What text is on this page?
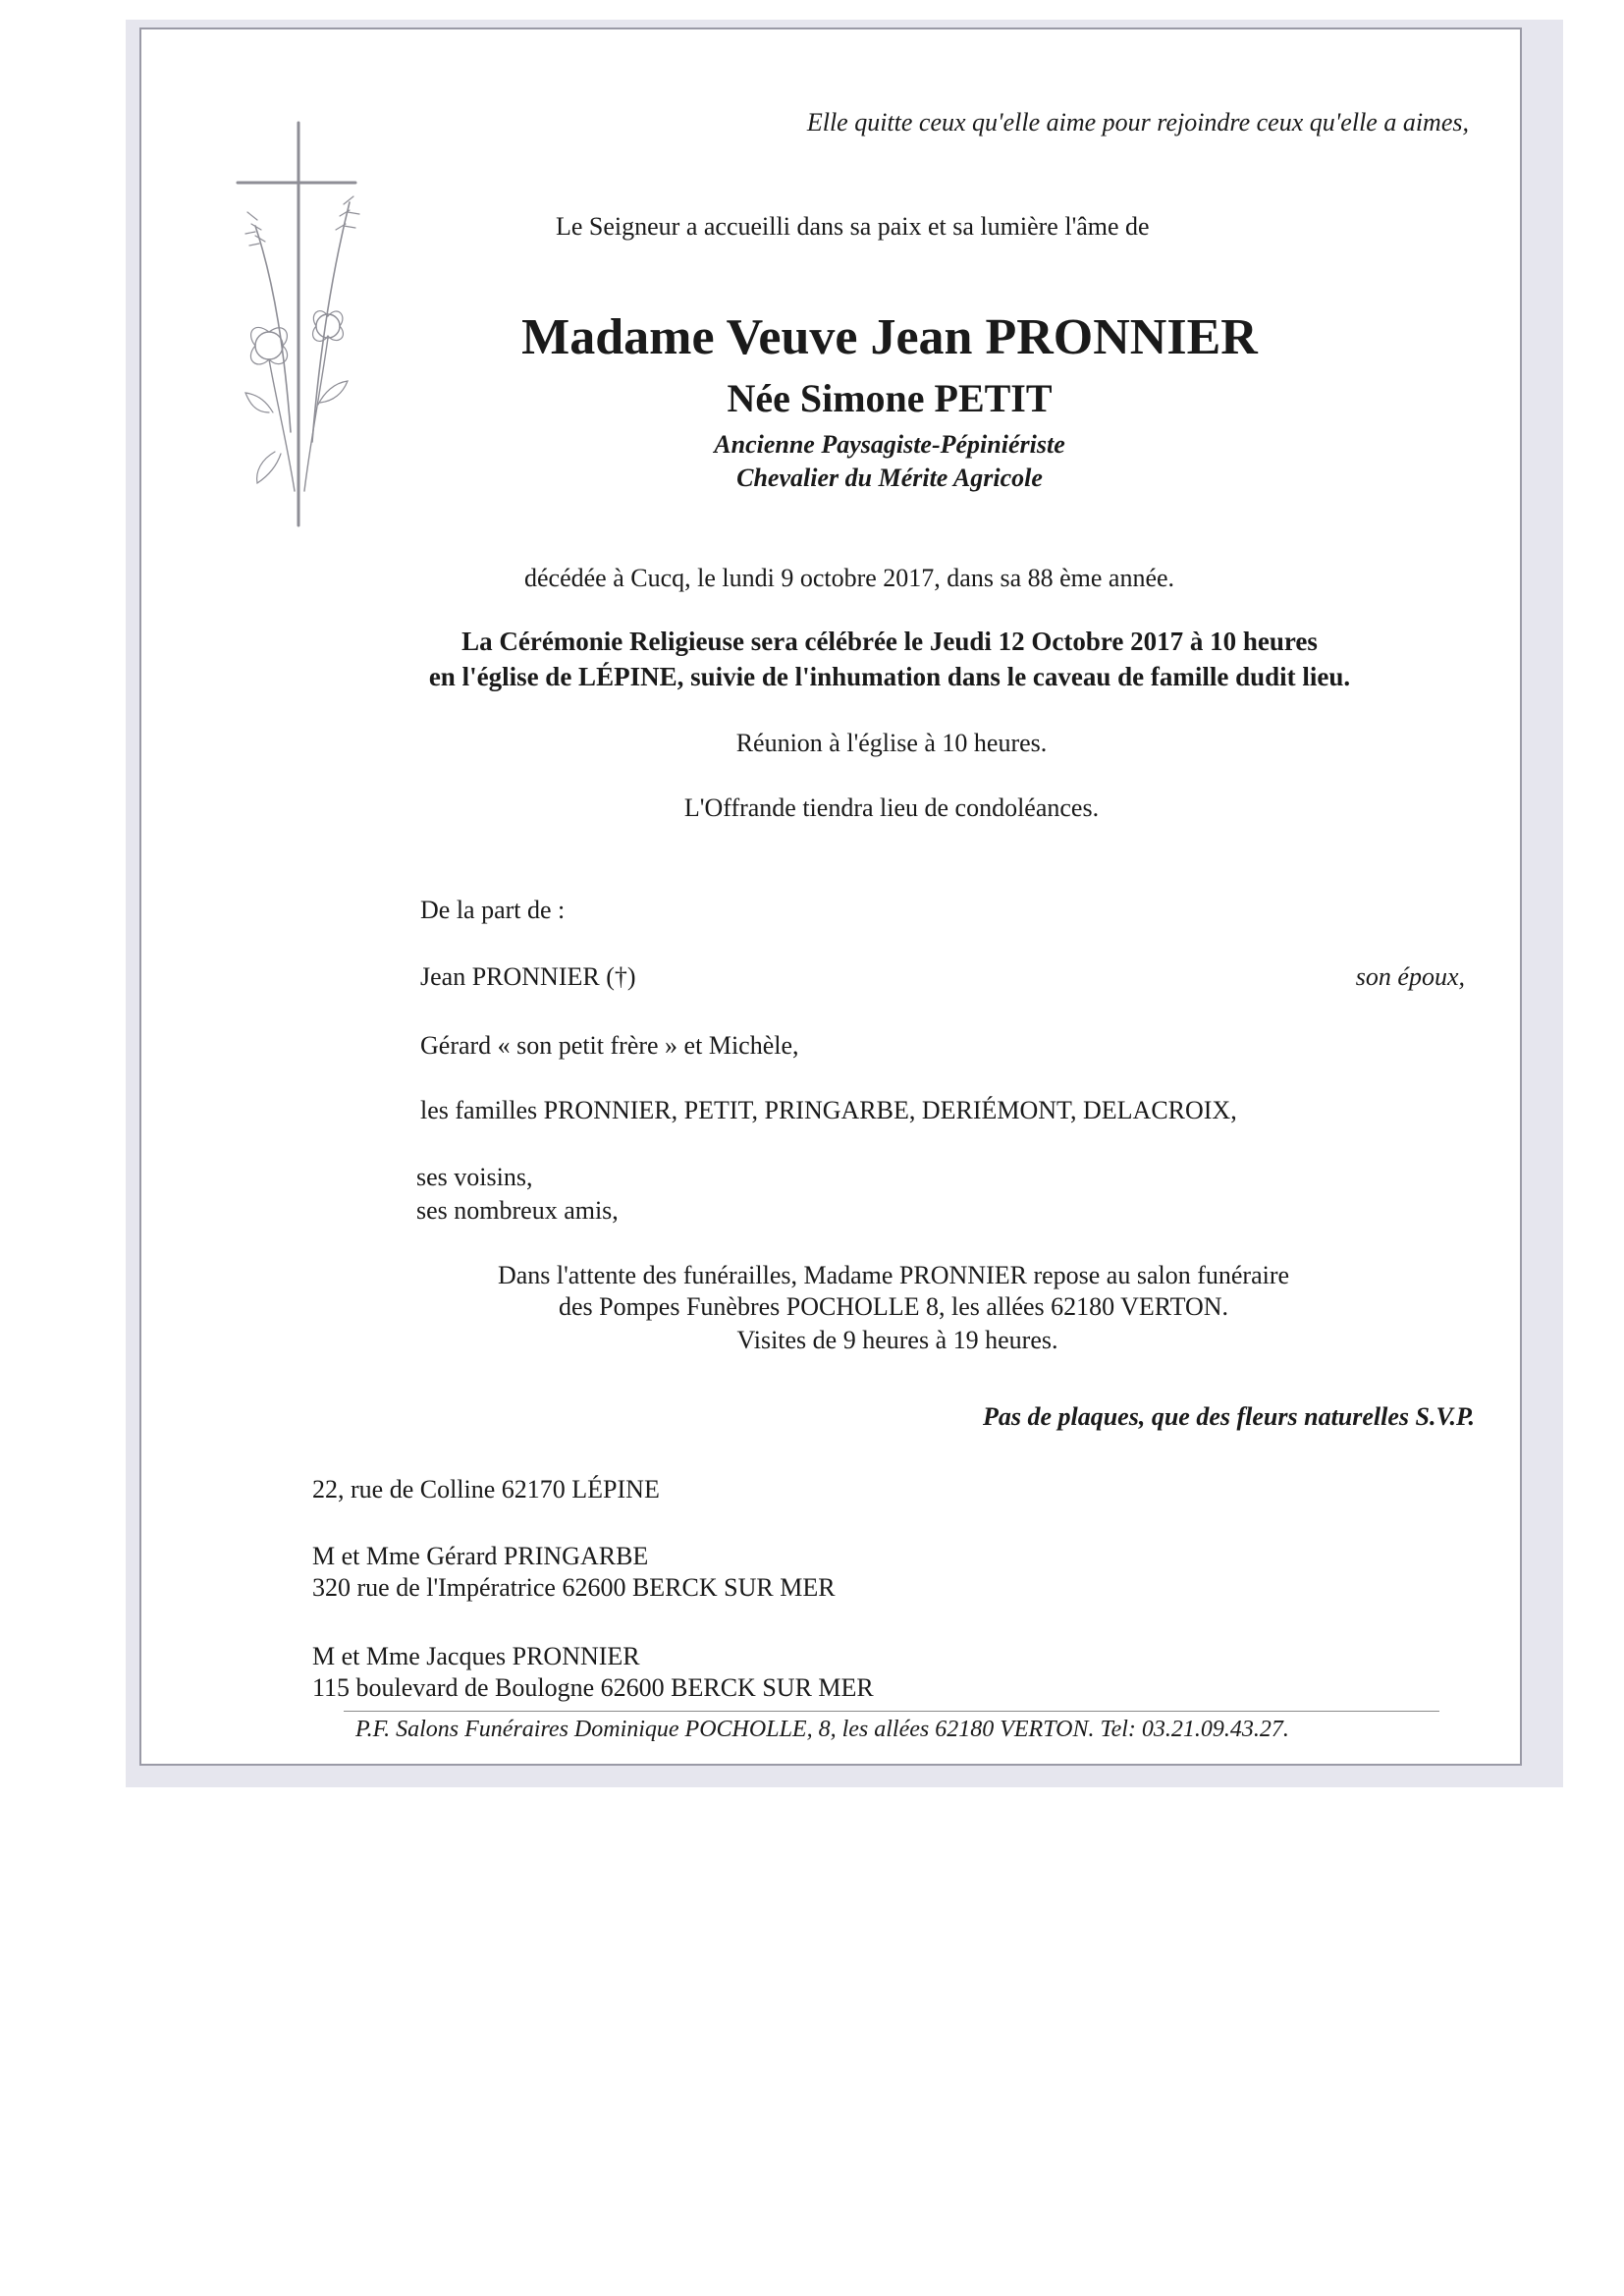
Elle quitte ceux qu'elle aime pour rejoindre ceux qu'elle a aimes,
Le Seigneur a accueilli dans sa paix et sa lumière l'âme de
Madame Veuve Jean PRONNIER
Née Simone PETIT
Ancienne Paysagiste-Pépiniériste
Chevalier du Mérite Agricole
décédée à Cucq, le lundi 9 octobre 2017, dans sa 88 ème année.
La Cérémonie Religieuse sera célébrée le Jeudi 12 Octobre 2017 à 10 heures
en l'église de LÉPINE, suivie de l'inhumation dans le caveau de famille dudit lieu.
Réunion à l'église à 10 heures.
L'Offrande tiendra lieu de condoléances.
De la part de :
Jean PRONNIER (†)	son époux,
Gérard « son petit frère » et Michèle,
les familles PRONNIER, PETIT, PRINGARBE, DERIÉMONT, DELACROIX,
ses voisins,
ses nombreux amis,
Dans l'attente des funérailles, Madame PRONNIER repose au salon funéraire
des Pompes Funèbres POCHOLLE 8, les allées 62180 VERTON.
Visites de 9 heures à 19 heures.
Pas de plaques, que des fleurs naturelles S.V.P.
22, rue de Colline 62170 LÉPINE
M et Mme Gérard PRINGARBE
320 rue de l'Impératrice 62600 BERCK SUR MER
M et Mme Jacques PRONNIER
115 boulevard de Boulogne 62600 BERCK SUR MER
P.F. Salons Funéraires Dominique POCHOLLE, 8, les allées 62180 VERTON. Tel: 03.21.09.43.27.
